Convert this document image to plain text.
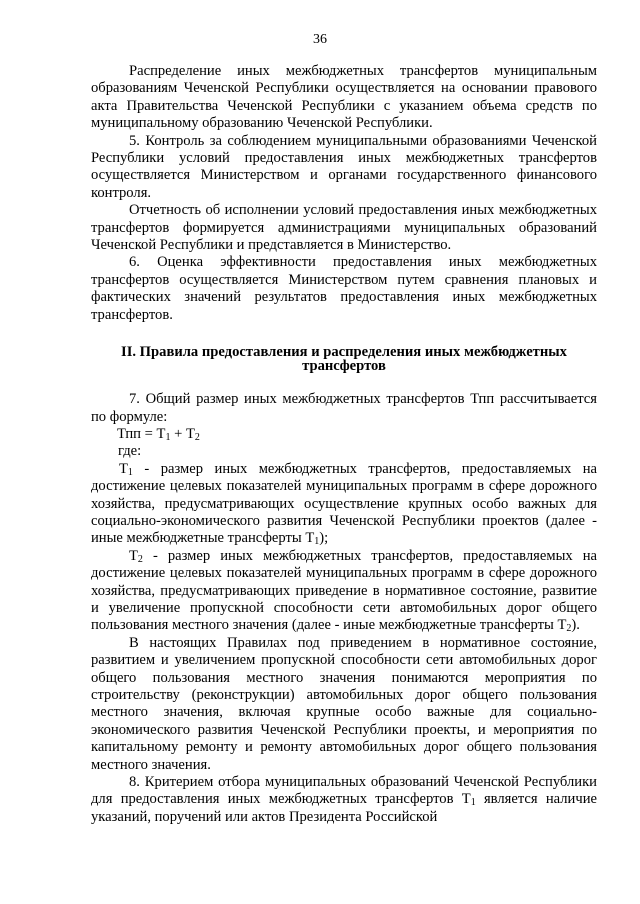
36

Распределение иных межбюджетных трансфертов муниципальным образованиям Чеченской Республики осуществляется на основании правового акта Правительства Чеченской Республики с указанием объема средств по муниципальному образованию Чеченской Республики.

5. Контроль за соблюдением муниципальными образованиями Чеченской Республики условий предоставления иных межбюджетных трансфертов осуществляется Министерством и органами государственного финансового контроля.

Отчетность об исполнении условий предоставления иных межбюджетных трансфертов формируется администрациями муниципальных образований Чеченской Республики и представляется в Министерство.

6. Оценка эффективности предоставления иных межбюджетных трансфертов осуществляется Министерством путем сравнения плановых и фактических значений результатов предоставления иных межбюджетных трансфертов.

II. Правила предоставления и распределения иных межбюджетных трансфертов

7. Общий размер иных межбюджетных трансфертов Тпп рассчитывается по формуле:

Тпп = $Т_1 + Т_2$

где:

$Т_1$ - размер иных межбюджетных трансфертов, предоставляемых на достижение целевых показателей муниципальных программ в сфере дорожного хозяйства, предусматривающих осуществление крупных особо важных для социально-экономического развития Чеченской Республики проектов (далее - иные межбюджетные трансферты $Т_1$);

$Т_2$ - размер иных межбюджетных трансфертов, предоставляемых на достижение целевых показателей муниципальных программ в сфере дорожного хозяйства, предусматривающих приведение в нормативное состояние, развитие и увеличение пропускной способности сети автомобильных дорог общего пользования местного значения (далее - иные межбюджетные трансферты $Т_2$).

В настоящих Правилах под приведением в нормативное состояние, развитием и увеличением пропускной способности сети автомобильных дорог общего пользования местного значения понимаются мероприятия по строительству (реконструкции) автомобильных дорог общего пользования местного значения, включая крупные особо важные для социально-экономического развития Чеченской Республики проекты, и мероприятия по капитальному ремонту и ремонту автомобильных дорог общего пользования местного значения.

8. Критерием отбора муниципальных образований Чеченской Республики для предоставления иных межбюджетных трансфертов $Т_1$ является наличие указаний, поручений или актов Президента Российской
